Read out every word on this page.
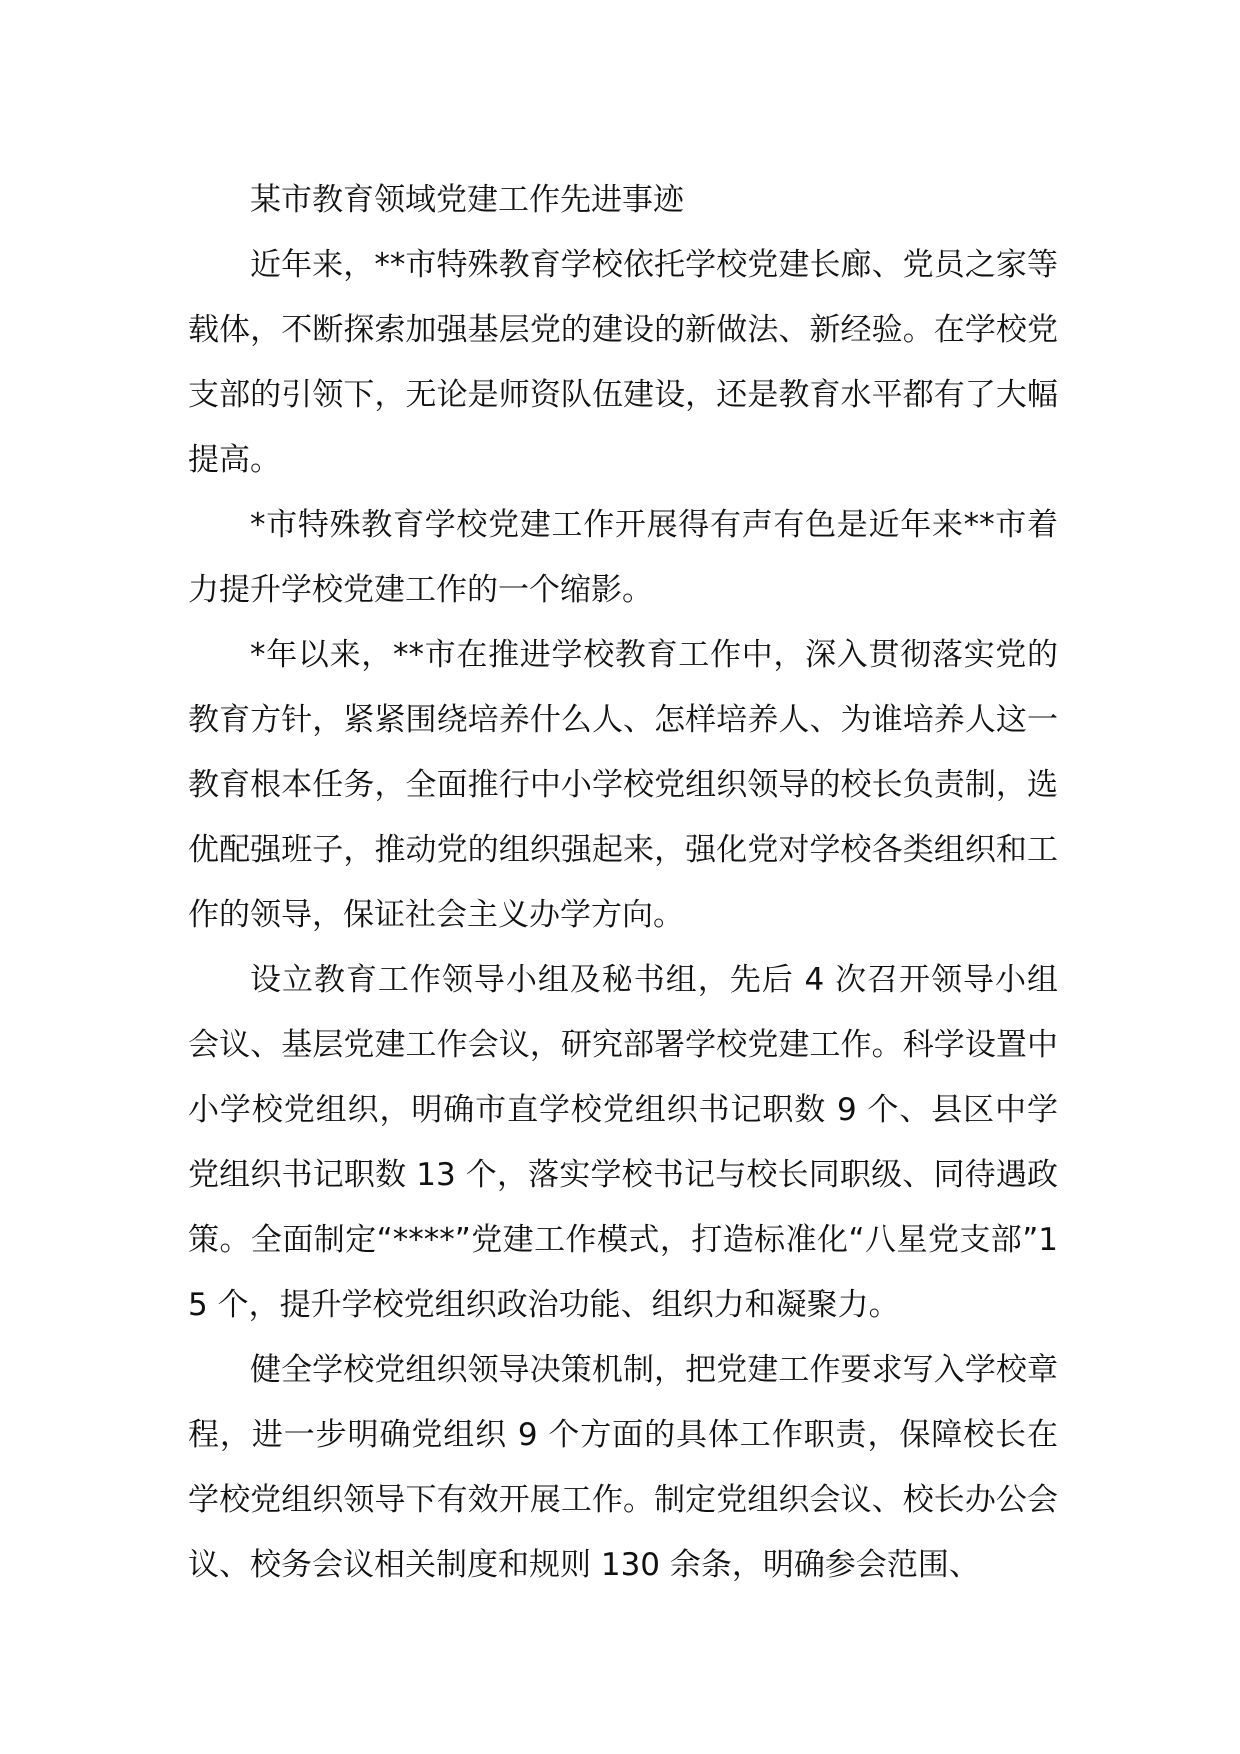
某市教育领域党建工作先进事迹

近年来，**市特殊教育学校依托学校党建长廊、党员之家等载体，不断探索加强基层党的建设的新做法、新经验。在学校党支部的引领下，无论是师资队伍建设，还是教育水平都有了大幅提高。

*市特殊教育学校党建工作开展得有声有色是近年来**市着力提升学校党建工作的一个缩影。

*年以来，**市在推进学校教育工作中，深入贯彻落实党的教育方针，紧紧围绕培养什么人、怎样培养人、为谁培养人这一教育根本任务，全面推行中小学校党组织领导的校长负责制，选优配强班子，推动党的组织强起来，强化党对学校各类组织和工作的领导，保证社会主义办学方向。

设立教育工作领导小组及秘书组，先后 4 次召开领导小组会议、基层党建工作会议，研究部署学校党建工作。科学设置中小学校党组织，明确市直学校党组织书记职数 9 个、县区中学党组织书记职数 13 个，落实学校书记与校长同职级、同待遇政策。全面制定“****”党建工作模式，打造标准化“八星党支部”15 个，提升学校党组织政治功能、组织力和凝聚力。

健全学校党组织领导决策机制，把党建工作要求写入学校章程，进一步明确党组织 9 个方面的具体工作职责，保障校长在学校党组织领导下有效开展工作。制定党组织会议、校长办公会议、校务会议相关制度和规则 130 余条，明确参会范围、
